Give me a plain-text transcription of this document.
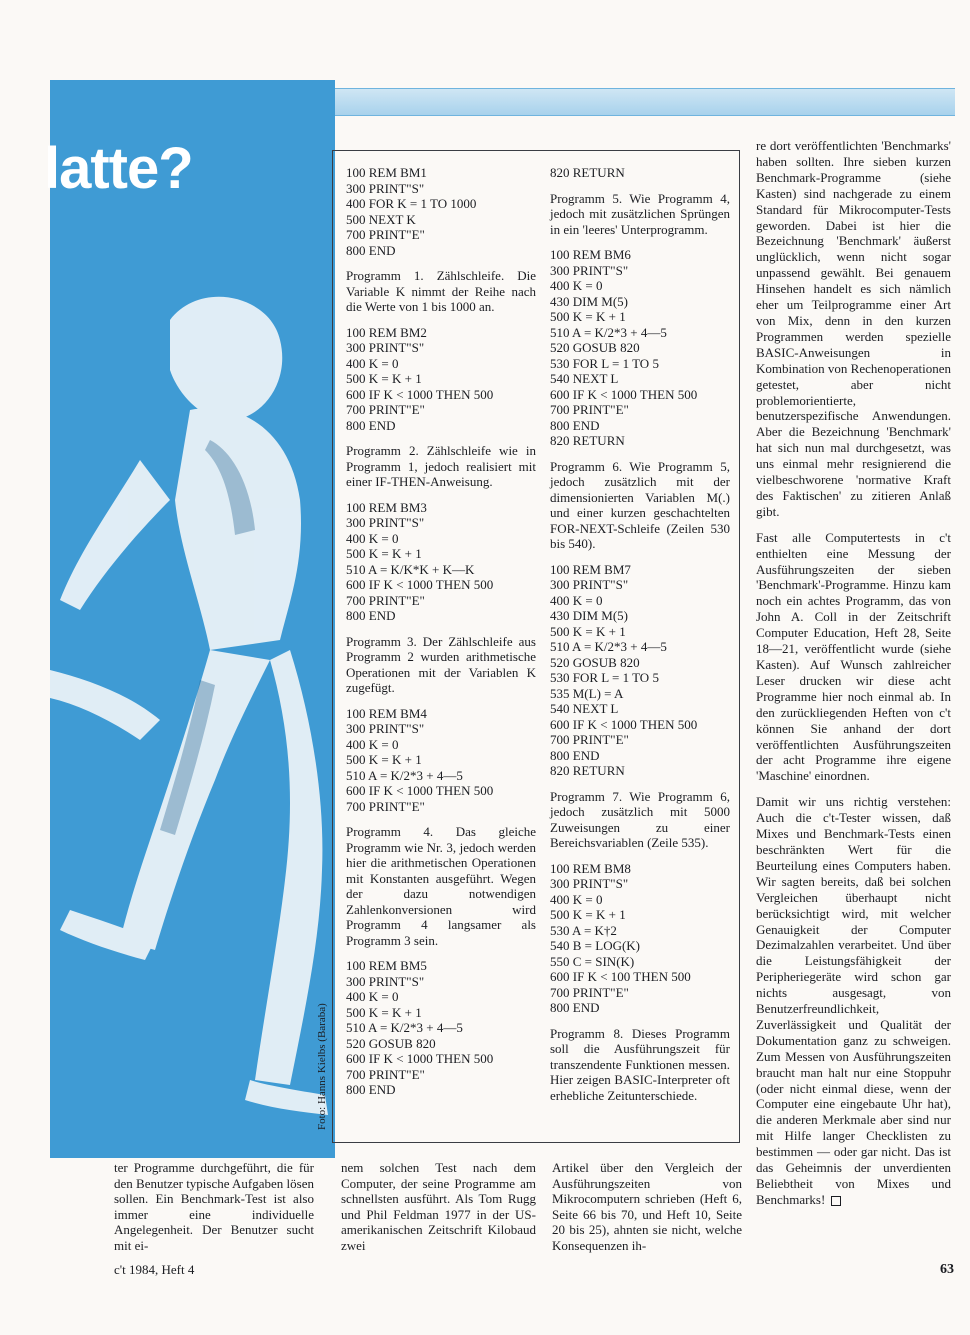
latte?
Foto: Hanns Kielbs (Baraba)
100 REM BM1
300 PRINT"S"
400 FOR K = 1 TO 1000
500 NEXT K
700 PRINT"E"
800 END

Programm 1. Zählschleife. Die Variable K nimmt der Reihe nach die Werte von 1 bis 1000 an.

100 REM BM2
300 PRINT"S"
400 K = 0
500 K = K + 1
600 IF K < 1000 THEN 500
700 PRINT"E"
800 END

Programm 2. Zählschleife wie in Programm 1, jedoch realisiert mit einer IF-THEN-Anweisung.

100 REM BM3
300 PRINT"S"
400 K = 0
500 K = K + 1
510 A = K/K*K + K—K
600 IF K < 1000 THEN 500
700 PRINT"E"
800 END

Programm 3. Der Zählschleife aus Programm 2 wurden arithmetische Operationen mit der Variablen K zugefügt.

100 REM BM4
300 PRINT"S"
400 K = 0
500 K = K + 1
510 A = K/2*3 + 4—5
600 IF K < 1000 THEN 500
700 PRINT"E"

Programm 4. Das gleiche Programm wie Nr. 3, jedoch werden hier die arithmetischen Operationen mit Konstanten ausgeführt. Wegen der dazu notwendigen Zahlenkonversionen wird Programm 4 langsamer als Programm 3 sein.

100 REM BM5
300 PRINT"S"
400 K = 0
500 K = K + 1
510 A = K/2*3 + 4—5
520 GOSUB 820
600 IF K < 1000 THEN 500
700 PRINT"E"
800 END
820 RETURN

Programm 5. Wie Programm 4, jedoch mit zusätzlichen Sprüngen in ein 'leeres' Unterprogramm.

100 REM BM6
300 PRINT"S"
400 K = 0
430 DIM M(5)
500 K = K + 1
510 A = K/2*3 + 4—5
520 GOSUB 820
530 FOR L = 1 TO 5
540 NEXT L
600 IF K < 1000 THEN 500
700 PRINT"E"
800 END
820 RETURN

Programm 6. Wie Programm 5, jedoch zusätzlich mit der dimensionierten Variablen M(.) und einer kurzen geschachtelten FOR-NEXT-Schleife (Zeilen 530 bis 540).

100 REM BM7
300 PRINT"S"
400 K = 0
430 DIM M(5)
500 K = K + 1
510 A = K/2*3 + 4—5
520 GOSUB 820
530 FOR L = 1 TO 5
535 M(L) = A
540 NEXT L
600 IF K < 1000 THEN 500
700 PRINT"E"
800 END
820 RETURN

Programm 7. Wie Programm 6, jedoch zusätzlich mit 5000 Zuweisungen zu einer Bereichsvariablen (Zeile 535).

100 REM BM8
300 PRINT"S"
400 K = 0
500 K = K + 1
530 A = K†2
540 B = LOG(K)
550 C = SIN(K)
600 IF K < 100 THEN 500
700 PRINT"E"
800 END

Programm 8. Dieses Programm soll die Ausführungszeit für transzendente Funktionen messen. Hier zeigen BASIC-Interpreter oft erhebliche Zeitunterschiede.

re dort veröffentlichten 'Benchmarks' haben sollten. Ihre sieben kurzen Benchmark-Programme (siehe Kasten) sind nachgerade zu einem Standard für Mikrocomputer-Tests geworden. Dabei ist hier die Bezeichnung 'Benchmark' äußerst unglücklich, wenn nicht sogar unpassend gewählt. Bei genauem Hinsehen handelt es sich nämlich eher um Teilprogramme einer Art von Mix, denn in den kurzen Programmen werden spezielle BASIC-Anweisungen in Kombination von Rechenoperationen getestet, aber nicht problemorientierte, benutzerspezifische Anwendungen. Aber die Bezeichnung 'Benchmark' hat sich nun mal durchgesetzt, was uns einmal mehr resignierend die vielbeschworene 'normative Kraft des Faktischen' zu zitieren Anlaß gibt.

Fast alle Computertests in c't enthielten eine Messung der Ausführungszeiten der sieben 'Benchmark'-Programme. Hinzu kam noch ein achtes Programm, das von John A. Coll in der Zeitschrift Computer Education, Heft 28, Seite 18—21, veröffentlicht wurde (siehe Kasten). Auf Wunsch zahlreicher Leser drucken wir diese acht Programme hier noch einmal ab. In den zurückliegenden Heften von c't können Sie anhand der dort veröffentlichten Ausführungszeiten der acht Programme ihre eigene 'Maschine' einordnen.

Damit wir uns richtig verstehen: Auch die c't-Tester wissen, daß Mixes und Benchmark-Tests einen beschränkten Wert für die Beurteilung eines Computers haben. Wir sagten bereits, daß bei solchen Vergleichen überhaupt nicht berücksichtigt wird, mit welcher Genauigkeit der Computer Dezimalzahlen verarbeitet. Und über die Leistungsfähigkeit der Peripheriegeräte wird schon gar nichts ausgesagt, von Benutzerfreundlichkeit, Zuverlässigkeit und Qualität der Dokumentation ganz zu schweigen. Zum Messen von Ausführungszeiten braucht man halt nur eine Stoppuhr (oder nicht einmal diese, wenn der Computer eine eingebaute Uhr hat), die anderen Merkmale aber sind nur mit Hilfe langer Checklisten zu bestimmen — oder gar nicht. Das ist das Geheimnis der unverdienten Beliebtheit von Mixes und Benchmarks!

ter Programme durchgeführt, die für den Benutzer typische Aufgaben lösen sollen. Ein Benchmark-Test ist also immer eine individuelle Angelegenheit. Der Benutzer sucht mit ei-
nem solchen Test nach dem Computer, der seine Programme am schnellsten ausführt. Als Tom Rugg und Phil Feldman 1977 in der US-amerikanischen Zeitschrift Kilobaud zwei
Artikel über den Vergleich der Ausführungszeiten von Mikrocomputern schrieben (Heft 6, Seite 66 bis 70, und Heft 10, Seite 20 bis 25), ahnten sie nicht, welche Konsequenzen ih-
c't 1984, Heft 4	63
